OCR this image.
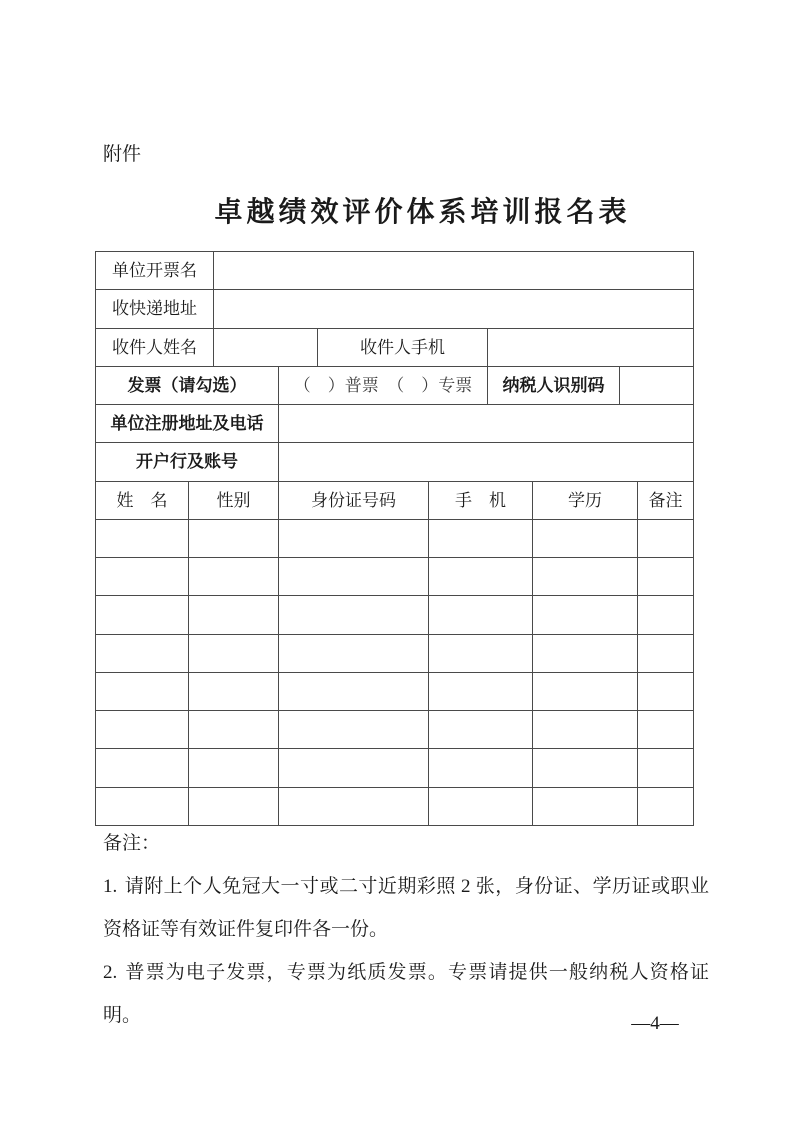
附件
卓越绩效评价体系培训报名表
单位开票名
收快递地址
收件人姓名	收件人手机
发票（请勾选）	（　）普票　（　）专票	纳税人识别码
单位注册地址及电话
开户行及账号
姓　名	性别	身份证号码	手　机	学历	备注

备注：

1. 请附上个人免冠大一寸或二寸近期彩照 2 张，身份证、学历证或职业资格证等有效证件复印件各一份。

2. 普票为电子发票，专票为纸质发票。专票请提供一般纳税人资格证明。	—4—
